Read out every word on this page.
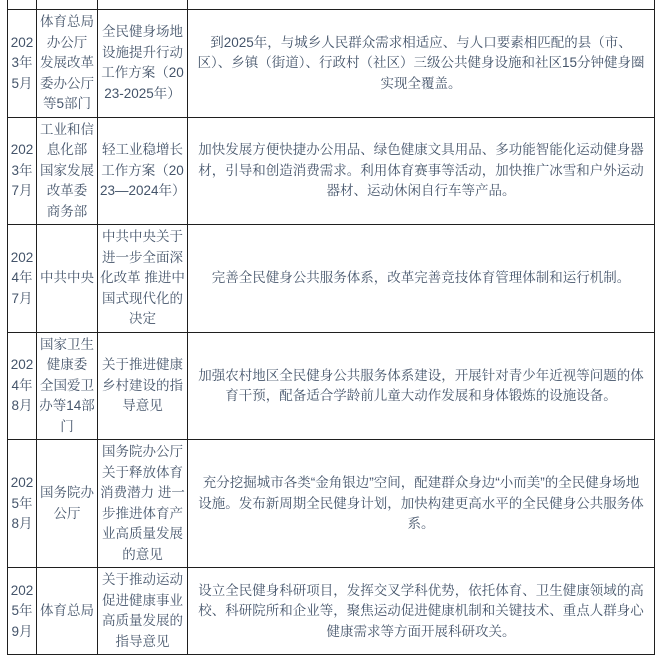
2023年5月	体育总局办公厅 发展改革委办公厅等5部门	全民健身场地设施提升行动工作方案（2023-2025年）	到2025年，与城乡人民群众需求相适应、与人口要素相匹配的县（市、区）、乡镇（街道）、行政村（社区）三级公共健身设施和社区15分钟健身圈实现全覆盖。
2023年7月	工业和信息化部 国家发展改革委 商务部	轻工业稳增长工作方案（2023—2024年）	加快发展方便快捷办公用品、绿色健康文具用品、多功能智能化运动健身器材，引导和创造消费需求。利用体育赛事等活动，加快推广冰雪和户外运动器材、运动休闲自行车等产品。
2024年7月	中共中央	中共中央关于进一步全面深化改革 推进中国式现代化的决定	完善全民健身公共服务体系，改革完善竞技体育管理体制和运行机制。
2024年8月	国家卫生健康委 全国爱卫办等14部门	关于推进健康乡村建设的指导意见	加强农村地区全民健身公共服务体系建设，开展针对青少年近视等问题的体育干预，配备适合学龄前儿童大动作发展和身体锻炼的设施设备。
2025年8月	国务院办公厅	国务院办公厅关于释放体育消费潜力 进一步推进体育产业高质量发展的意见	充分挖掘城市各类“金角银边”空间，配建群众身边“小而美”的全民健身场地设施。发布新周期全民健身计划，加快构建更高水平的全民健身公共服务体系。
2025年9月	体育总局	关于推动运动促进健康事业高质量发展的指导意见	设立全民健身科研项目，发挥交叉学科优势，依托体育、卫生健康领域的高校、科研院所和企业等，聚焦运动促进健康机制和关键技术、重点人群身心健康需求等方面开展科研攻关。
